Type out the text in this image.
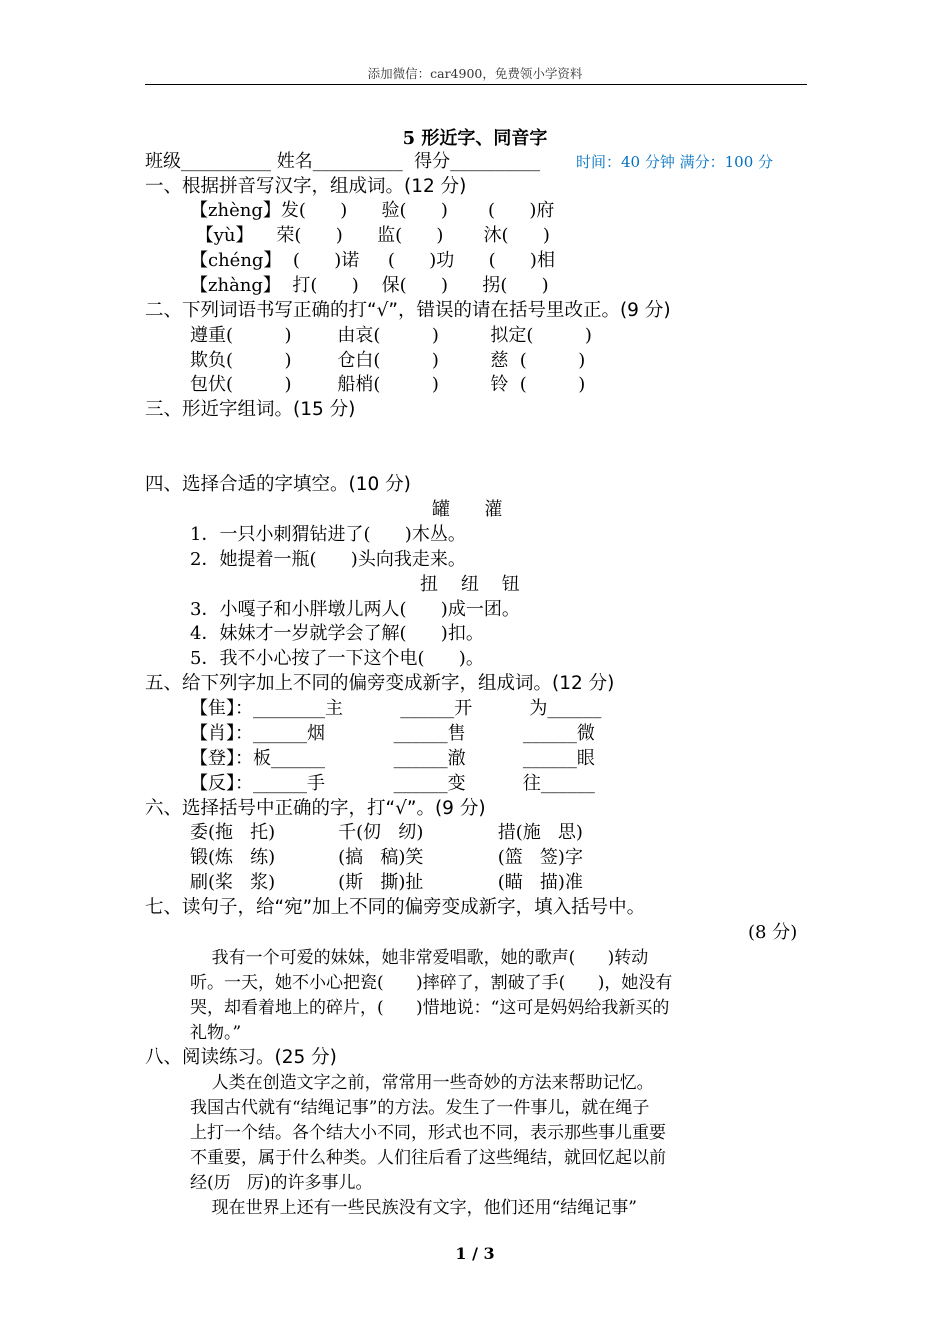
添加微信：car4900，免费领小学资料
5 形近字、同音字
班级__________ 姓名__________  得分__________ 时间：40 分钟 满分：100 分
一、根据拼音写汉字，组成词。(12 分)
【zhèng】发(      )      验(      )       (      )府
【yù】    荣(      )      监(      )       沐(      )
【chéng】  (      )诺     (      )功      (      )相
【zhàng】  打(      )    保(      )      拐(      )
二、下列词语书写正确的打“√”，错误的请在括号里改正。(9 分)
遵重(         )        由哀(         )         拟定(         )
欺负(         )        仓白(         )         慈  (         )
包伏(         )        船梢(         )         铃  (         )
三、形近字组词。(15 分)
四、选择合适的字填空。(10 分)
罐      灌
1．一只小刺猬钻进了(      )木丛。
2．她提着一瓶(      )头向我走来。
扭    纽    钮
3．小嘎子和小胖墩儿两人(      )成一团。
4．妹妹才一岁就学会了解(      )扣。
5．我不小心按了一下这个电(      )。
五、给下列字加上不同的偏旁变成新字，组成词。(12 分)
【隹】：________主          ______开          为______
【肖】：______烟            ______售          ______微
【登】：板______            ______澈          ______眼
【反】：______手            ______变          往______
六、选择括号中正确的字，打“√”。(9 分)
委(拖   托)           千(仞   纫)             措(施   思)
锻(炼   练)           (搞   稿)笑             (篮   签)字
刷(桨   浆)           (斯   撕)扯             (瞄   描)准
七、读句子，给“宛”加上不同的偏旁变成新字，填入括号中。
(8 分)
我有一个可爱的妹妹，她非常爱唱歌，她的歌声(      )转动
听。一天，她不小心把瓷(      )摔碎了，割破了手(      )，她没有
哭，却看着地上的碎片，(      )惜地说：“这可是妈妈给我新买的
礼物。”
八、阅读练习。(25 分)
人类在创造文字之前，常常用一些奇妙的方法来帮助记忆。
我国古代就有“结绳记事”的方法。发生了一件事儿，就在绳子
上打一个结。各个结大小不同，形式也不同，表示那些事儿重要
不重要，属于什么种类。人们往后看了这些绳结，就回忆起以前
经(历   厉)的许多事儿。
现在世界上还有一些民族没有文字，他们还用“结绳记事”
1 / 3
